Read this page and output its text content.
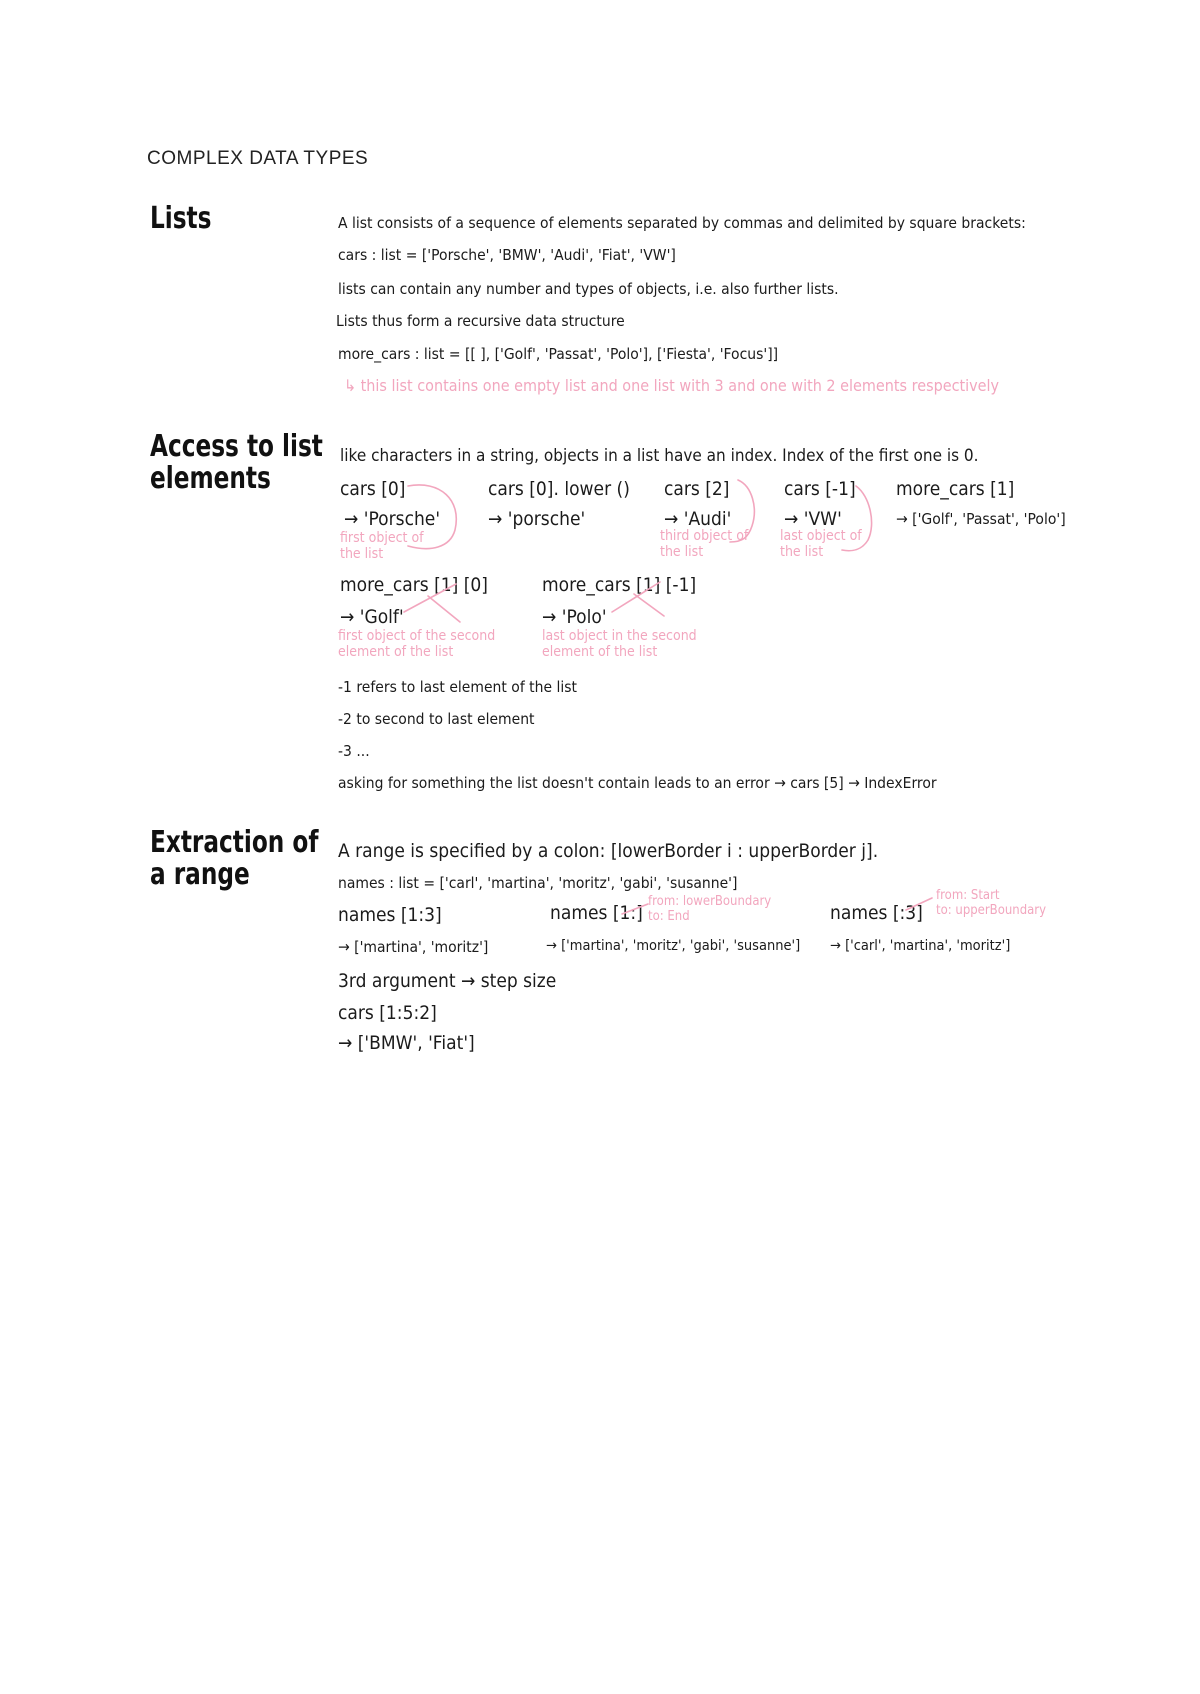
COMPLEX DATA TYPES
Lists	A list consists of a sequence of elements separated by commas and delimited by square brackets:
cars : list = ['Porsche', 'BMW', 'Audi', 'Fiat', 'VW']
lists can contain any number and types of objects, i.e. also further lists.
Lists thus form a recursive data structure
more_cars : list = [[ ], ['Golf', 'Passat', 'Polo'], ['Fiesta', 'Focus']]
↳ this list contains one empty list and one list with 3 and one with 2 elements respectively
Access to list
elements
like characters in a string, objects in a list have an index. Index of the first one is 0.
cars [0]
→ 'Porsche'
first object of
the list
cars [0]. lower ()
→ 'porsche'
cars [2]
→ 'Audi'
third object of
the list
cars [-1]
→ 'VW'
last object of
the list
more_cars [1]
→ ['Golf', 'Passat', 'Polo']
more_cars [1] [0]
→ 'Golf'
first object of the second
element of the list
more_cars [1] [-1]
→ 'Polo'
last object in the second
element of the list
-1 refers to last element of the list
-2 to second to last element
-3 ...
asking for something the list doesn't contain leads to an error → cars [5] → IndexError
Extraction of
a range
A range is specified by a colon: [lowerBorder i : upperBorder j].
names : list = ['carl', 'martina', 'moritz', 'gabi', 'susanne']
names [1:3]
→ ['martina', 'moritz']
names [1:]
from: lowerBoundary
to: End
→ ['martina', 'moritz', 'gabi', 'susanne']
names [:3]
from: Start
to: upperBoundary
→ ['carl', 'martina', 'moritz']
3rd argument → step size
cars [1:5:2]
→ ['BMW', 'Fiat']
